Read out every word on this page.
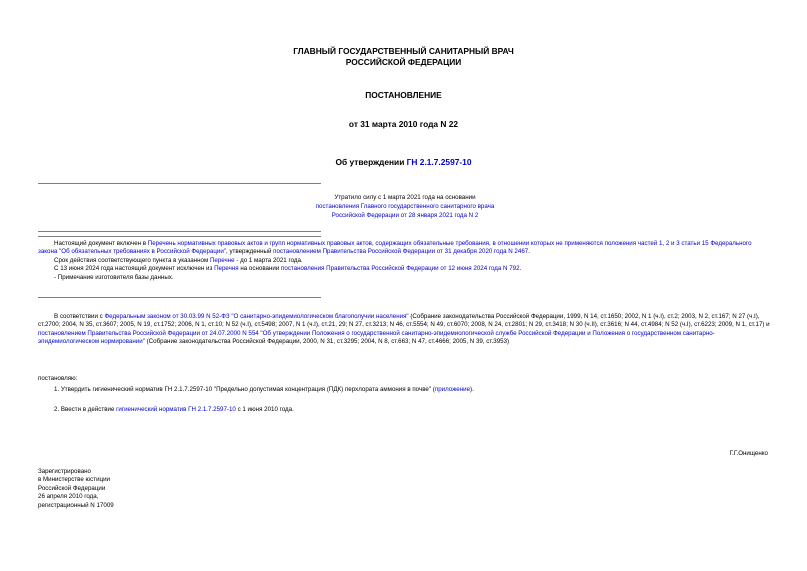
ГЛАВНЫЙ ГОСУДАРСТВЕННЫЙ САНИТАРНЫЙ ВРАЧ
РОССИЙСКОЙ ФЕДЕРАЦИИ
ПОСТАНОВЛЕНИЕ
от 31 марта 2010 года N 22
Об утверждении ГН 2.1.7.2597-10
Утратило силу с 1 марта 2021 года на основании
постановления Главного государственного санитарного врача
Российской Федерации от 28 января 2021 года N 2

Настоящий документ включен в Перечень нормативных правовых актов и групп нормативных правовых актов, содержащих обязательные требования, в отношении которых не применяются положения частей 1, 2 и 3 статьи 15 Федерального закона "Об обязательных требованиях в Российской Федерации", утвержденный постановлением Правительства Российской Федерации от 31 декабря 2020 года N 2467.

Срок действия соответствующего пункта в указанном Перечне - до 1 марта 2021 года.

С 13 июня 2024 года настоящий документ исключен из Перечня на основании постановления Правительства Российской Федерации от 12 июня 2024 года N 792.

- Примечание изготовителя базы данных.

В соответствии с Федеральным законом от 30.03.99 N 52-ФЗ "О санитарно-эпидемиологическом благополучии населения" (Собрание законодательства Российской Федерации, 1999, N 14, ст.1650; 2002, N 1 (ч.I), ст.2; 2003, N 2, ст.167; N 27 (ч.I), ст.2700; 2004, N 35, ст.3607; 2005, N 19, ст.1752; 2006, N 1, ст.10; N 52 (ч.I), ст.5498; 2007, N 1 (ч.I), ст.21, 29; N 27, ст.3213; N 46, ст.5554; N 49, ст.6070; 2008, N 24, ст.2801; N 29, ст.3418; N 30 (ч.II), ст.3616; N 44, ст.4984; N 52 (ч.I), ст.6223; 2009, N 1, ст.17) и постановлением Правительства Российской Федерации от 24.07.2000 N 554 "Об утверждении Положения о государственной санитарно-эпидемиологической службе Российской Федерации и Положения о государственном санитарно-эпидемиологическом нормировании" (Собрание законодательства Российской Федерации, 2000, N 31, ст.3295; 2004, N 8, ст.663; N 47, ст.4666; 2005, N 39, ст.3953)

постановляю:

1. Утвердить гигиенический норматив ГН 2.1.7.2597-10 "Предельно допустимая концентрация (ПДК) перхлората аммония в почве" (приложение).

2. Ввести в действие гигиенический норматив ГН 2.1.7.2597-10 с 1 июня 2010 года.

Г.Г.Онищенко
Зарегистрировано
в Министерстве юстиции
Российской Федерации
26 апреля 2010 года,
регистрационный N 17009
